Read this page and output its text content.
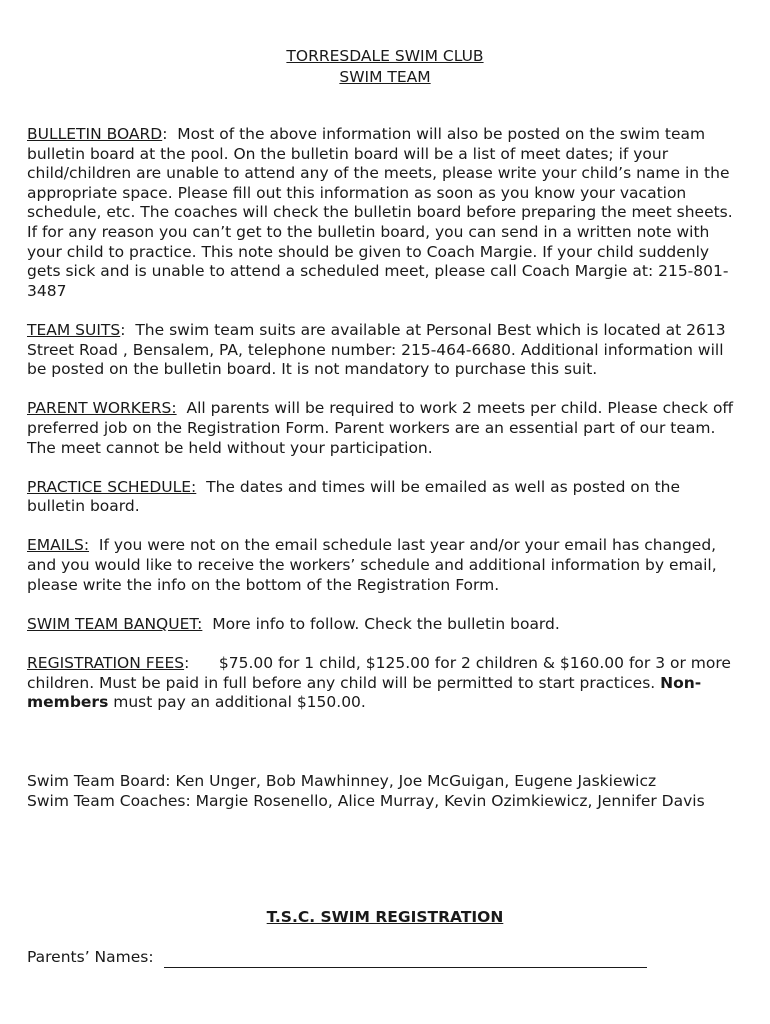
TORRESDALE SWIM CLUB
SWIM TEAM

BULLETIN BOARD:  Most of the above information will also be posted on the swim team bulletin board at the pool. On the bulletin board will be a list of meet dates; if your child/children are unable to attend any of the meets, please write your child’s name in the appropriate space. Please fill out this information as soon as you know your vacation schedule, etc. The coaches will check the bulletin board before preparing the meet sheets. If for any reason you can’t get to the bulletin board, you can send in a written note with your child to practice. This note should be given to Coach Margie. If your child suddenly gets sick and is unable to attend a scheduled meet, please call Coach Margie at: 215-801-3487

TEAM SUITS:  The swim team suits are available at Personal Best which is located at 2613 Street Road , Bensalem, PA, telephone number: 215-464-6680. Additional information will be posted on the bulletin board. It is not mandatory to purchase this suit.

PARENT WORKERS: All parents will be required to work 2 meets per child. Please check off preferred job on the Registration Form. Parent workers are an essential part of our team. The meet cannot be held without your participation.

PRACTICE SCHEDULE: The dates and times will be emailed as well as posted on the bulletin board.

EMAILS: If you were not on the email schedule last year and/or your email has changed, and you would like to receive the workers’ schedule and additional information by email, please write the info on the bottom of the Registration Form.

SWIM TEAM BANQUET: More info to follow. Check the bulletin board.

REGISTRATION FEES:      $75.00 for 1 child, $125.00 for 2 children & $160.00 for 3 or more children. Must be paid in full before any child will be permitted to start practices. Non-members must pay an additional $150.00.

Swim Team Board: Ken Unger, Bob Mawhinney, Joe McGuigan, Eugene Jaskiewicz
Swim Team Coaches: Margie Rosenello, Alice Murray, Kevin Ozimkiewicz, Jennifer Davis
T.S.C. SWIM REGISTRATION
Parents’ Names:
